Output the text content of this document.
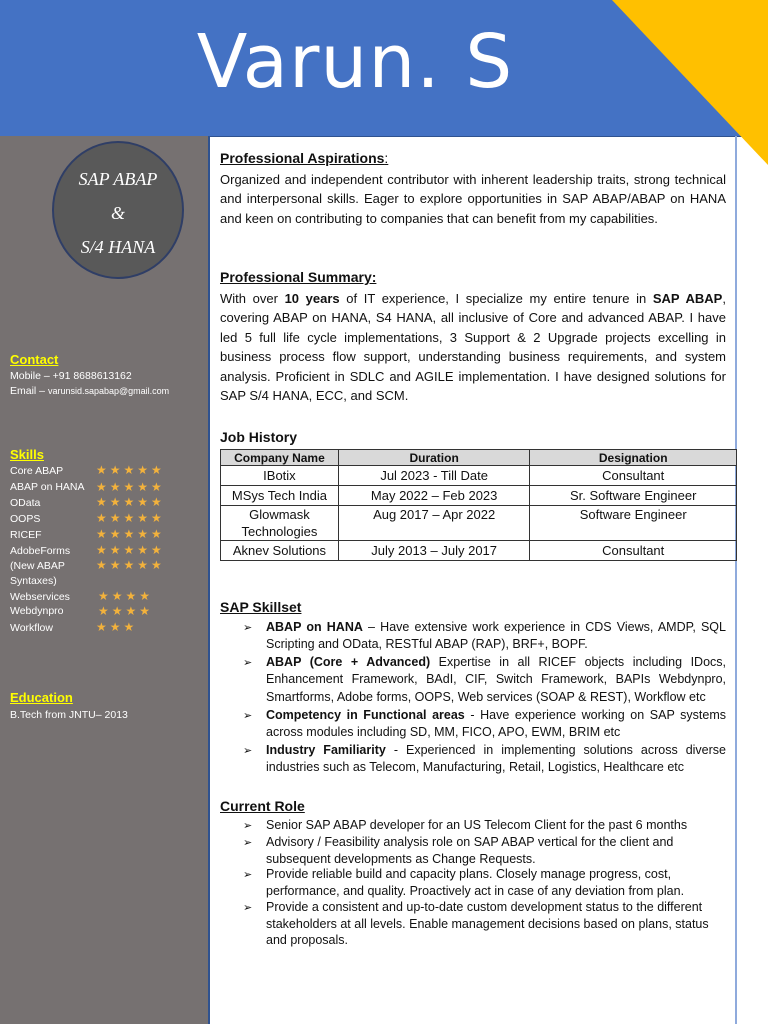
Varun. S
SAP ABAP
&
S/4 HANA
Contact
Mobile – +91 8688613162
Email – varunsid.sapabap@gmail.com
Skills
Core ABAP	★★★★★
ABAP on HANA ★★★★★
OData	★★★★★
OOPS	★★★★★
RICEF	★★★★★
AdobeForms ★★★★★
(New ABAP	★★★★★
Syntaxes)
Webservices ★★★★
Webdynpro	★★★★
Workflow	★★★
Education
B.Tech from JNTU– 2013
Professional Aspirations:
Organized and independent contributor with inherent leadership traits, strong technical and interpersonal skills. Eager to explore opportunities in SAP ABAP/ABAP on HANA and keen on contributing to companies that can benefit from my capabilities.
Professional Summary:
With over 10 years of IT experience, I specialize my entire tenure in SAP ABAP, covering ABAP on HANA, S4 HANA, all inclusive of Core and advanced ABAP. I have led 5 full life cycle implementations, 3 Support & 2 Upgrade projects excelling in business process flow support, understanding business requirements, and system analysis. Proficient in SDLC and AGILE implementation. I have designed solutions for SAP S/4 HANA, ECC, and SCM.
Job History
Company Name	Duration	Designation
IBotix	Jul 2023 - Till Date	Consultant
MSys Tech India	May 2022 – Feb 2023	Sr. Software Engineer
Glowmask Technologies	Aug 2017 – Apr 2022	Software Engineer
Aknev Solutions	July 2013 – July 2017	Consultant
SAP Skillset
➢ ABAP on HANA – Have extensive work experience in CDS Views, AMDP, SQL Scripting and OData, RESTful ABAP (RAP), BRF+, BOPF.
➢ ABAP (Core + Advanced) Expertise in all RICEF objects including IDocs, Enhancement Framework, BAdI, CIF, Switch Framework, BAPIs Webdynpro, Smartforms, Adobe forms, OOPS, Web services (SOAP & REST), Workflow etc
➢ Competency in Functional areas - Have experience working on SAP systems across modules including SD, MM, FICO, APO, EWM, BRIM etc
➢ Industry Familiarity - Experienced in implementing solutions across diverse industries such as Telecom, Manufacturing, Retail, Logistics, Healthcare etc
Current Role
➢ Senior SAP ABAP developer for an US Telecom Client for the past 6 months
➢ Advisory / Feasibility analysis role on SAP ABAP vertical for the client and subsequent developments as Change Requests.
➢ Provide reliable build and capacity plans. Closely manage progress, cost, performance, and quality. Proactively act in case of any deviation from plan.
➢ Provide a consistent and up-to-date custom development status to the different stakeholders at all levels. Enable management decisions based on plans, status and proposals.
